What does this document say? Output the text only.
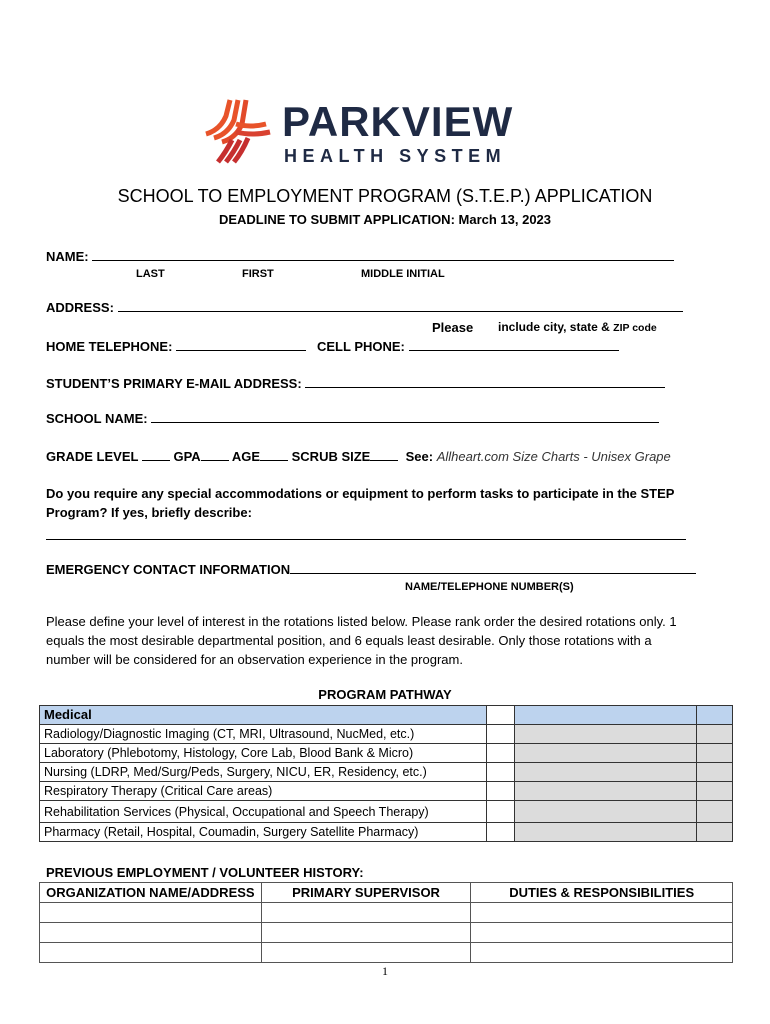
PARKVIEW
HEALTH SYSTEM
SCHOOL TO EMPLOYMENT PROGRAM (S.T.E.P.) APPLICATION
DEADLINE TO SUBMIT APPLICATION: March 13, 2023
NAME:
LAST	FIRST	MIDDLE INITIAL
ADDRESS:
Please include city, state & ZIP code
HOME TELEPHONE:	CELL PHONE:
STUDENT’S PRIMARY E-MAIL ADDRESS:
SCHOOL NAME:
GRADE LEVEL	GPA AGE SCRUB SIZE	See: Allheart.com Size Charts - Unisex Grape
Do you require any special accommodations or equipment to perform tasks to participate in the STEP
Program? If yes, briefly describe:
EMERGENCY CONTACT INFORMATION
NAME/TELEPHONE NUMBER(S)
Please define your level of interest in the rotations listed below. Please rank order the desired rotations only. 1 equals the most desirable departmental position, and 6 equals least desirable. Only those rotations with a number will be considered for an observation experience in the program.
PROGRAM PATHWAY
Medical			
Radiology/Diagnostic Imaging (CT, MRI, Ultrasound, NucMed, etc.)			
Laboratory (Phlebotomy, Histology, Core Lab, Blood Bank & Micro)			
Nursing (LDRP, Med/Surg/Peds, Surgery, NICU, ER, Residency, etc.)			
Respiratory Therapy (Critical Care areas)			
Rehabilitation Services (Physical, Occupational and Speech Therapy)			
Pharmacy (Retail, Hospital, Coumadin, Surgery Satellite Pharmacy)			
PREVIOUS EMPLOYMENT / VOLUNTEER HISTORY:
ORGANIZATION NAME/ADDRESS	PRIMARY SUPERVISOR	DUTIES & RESPONSIBILITIES

1
